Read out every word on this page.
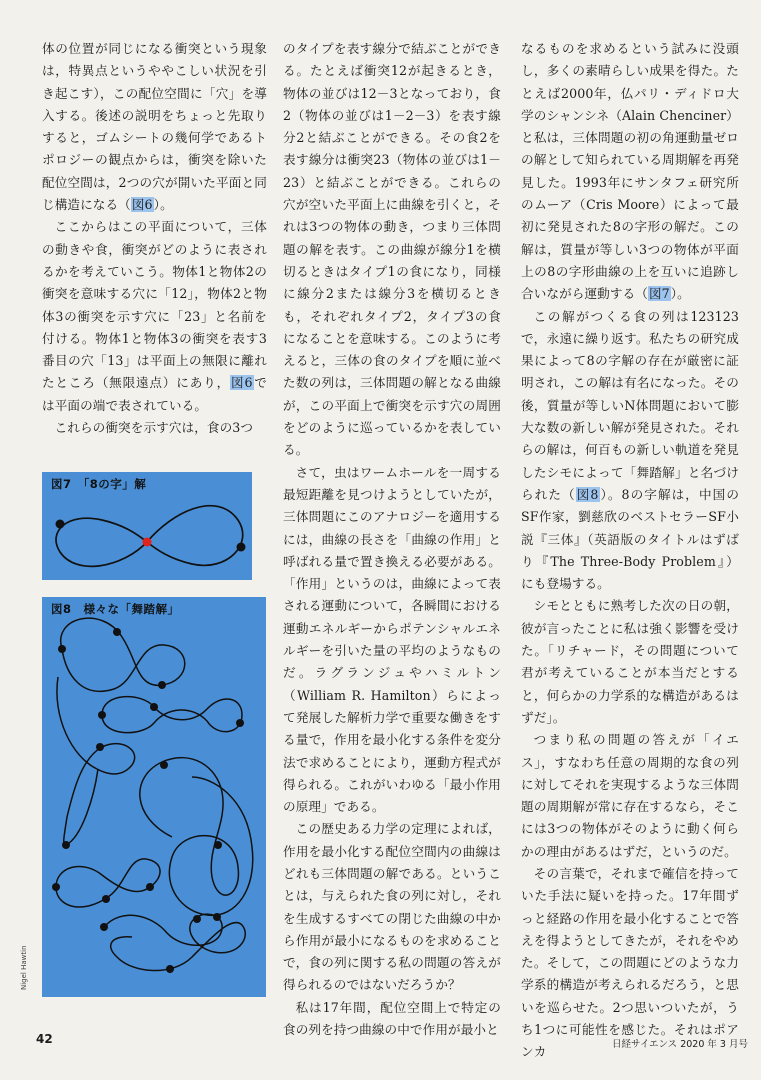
体の位置が同じになる衝突という現象は，特異点というややこしい状況を引き起こす），この配位空間に「穴」を導入する。後述の説明をちょっと先取りすると，ゴムシートの幾何学であるトポロジーの観点からは，衝突を除いた配位空間は，2つの穴が開いた平面と同じ構造になる（図6）。

ここからはこの平面について，三体の動きや食，衝突がどのように表されるかを考えていこう。物体1と物体2の衝突を意味する穴に「12」，物体2と物体3の衝突を示す穴に「23」と名前を付ける。物体1と物体3の衝突を表す3番目の穴「13」は平面上の無限に離れたところ（無限遠点）にあり，図6では平面の端で表されている。

これらの衝突を示す穴は，食の3つ

図7　「8の字」解
図8　様々な「舞踏解」
Nigel Hawtin

のタイプを表す線分で結ぶことができる。たとえば衝突12が起きるとき，物体の並びは12－3となっており，食2（物体の並びは1－2－3）を表す線分2と結ぶことができる。その食2を表す線分は衝突23（物体の並びは1－23）と結ぶことができる。これらの穴が空いた平面上に曲線を引くと，それは3つの物体の動き，つまり三体問題の解を表す。この曲線が線分1を横切るときはタイプ1の食になり，同様に線分2または線分3を横切るときも，それぞれタイプ2，タイプ3の食になることを意味する。このように考えると，三体の食のタイプを順に並べた数の列は，三体問題の解となる曲線が，この平面上で衝突を示す穴の周囲をどのように巡っているかを表している。

さて，虫はワームホールを一周する最短距離を見つけようとしていたが，三体問題にこのアナロジーを適用するには，曲線の長さを「曲線の作用」と呼ばれる量で置き換える必要がある。「作用」というのは，曲線によって表される運動について，各瞬間における運動エネルギーからポテンシャルエネルギーを引いた量の平均のようなものだ。ラグランジュやハミルトン（William R. Hamilton）らによって発展した解析力学で重要な働きをする量で，作用を最小化する条件を変分法で求めることにより，運動方程式が得られる。これがいわゆる「最小作用の原理」である。

この歴史ある力学の定理によれば，作用を最小化する配位空間内の曲線はどれも三体問題の解である。ということは，与えられた食の列に対し，それを生成するすべての閉じた曲線の中から作用が最小になるものを求めることで，食の列に関する私の問題の答えが得られるのではないだろうか？

私は17年間，配位空間上で特定の食の列を持つ曲線の中で作用が最小と

なるものを求めるという試みに没頭し，多くの素晴らしい成果を得た。たとえば2000年，仏パリ・ディドロ大学のシャンシネ（Alain Chenciner）と私は，三体問題の初の角運動量ゼロの解として知られている周期解を再発見した。1993年にサンタフェ研究所のムーア（Cris Moore）によって最初に発見された8の字形の解だ。この解は，質量が等しい3つの物体が平面上の8の字形曲線の上を互いに追跡し合いながら運動する（図7）。

この解がつくる食の列は123123で，永遠に繰り返す。私たちの研究成果によって8の字解の存在が厳密に証明され，この解は有名になった。その後，質量が等しいN体問題において膨大な数の新しい解が発見された。それらの解は，何百もの新しい軌道を発見したシモによって「舞踏解」と名づけられた（図8）。8の字解は，中国のSF作家，劉慈欣のベストセラーSF小説『三体』（英語版のタイトルはずばり『The Three-Body Problem』）にも登場する。

シモとともに熟考した次の日の朝，彼が言ったことに私は強く影響を受けた。「リチャード，その問題について君が考えていることが本当だとすると，何らかの力学系的な構造があるはずだ」。

つまり私の問題の答えが「イエス」，すなわち任意の周期的な食の列に対してそれを実現するような三体問題の周期解が常に存在するなら，そこには3つの物体がそのように動く何らかの理由があるはずだ，というのだ。

その言葉で，それまで確信を持っていた手法に疑いを持った。17年間ずっと経路の作用を最小化することで答えを得ようとしてきたが，それをやめた。そして，この問題にどのような力学系的構造が考えられるだろう，と思いを巡らせた。2つ思いついたが，うち1つに可能性を感じた。それはポアンカ

42	日経サイエンス 2020 年 3 月号
